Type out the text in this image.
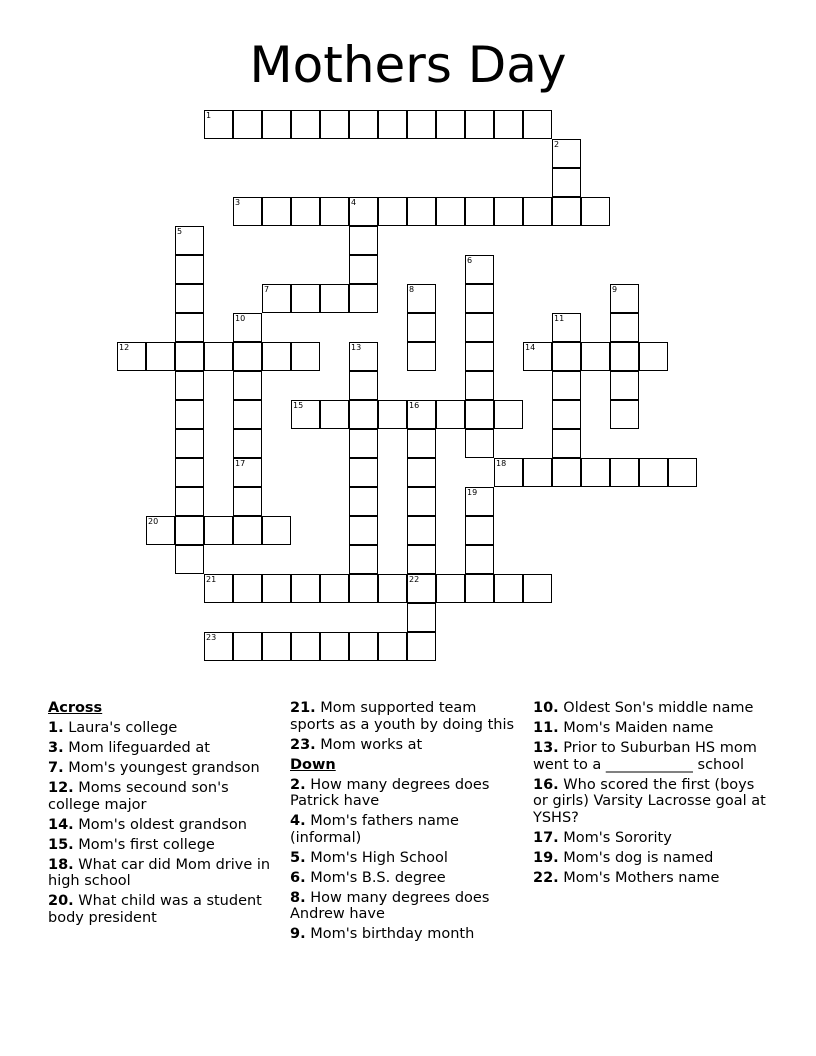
Mothers Day
1
2
3	4
5
6
7	8	9
10	11
12	13	14
15	16
17	18
19
20
21	22
23
Across
1. Laura's college
3. Mom lifeguarded at
7. Mom's youngest grandson
12. Moms secound son's college major
14. Mom's oldest grandson
15. Mom's first college
18. What car did Mom drive in high school
20. What child was a student body president
21. Mom supported team sports as a youth by doing this
23. Mom works at
Down
2. How many degrees does Patrick have
4. Mom's fathers name (informal)
5. Mom's High School
6. Mom's B.S. degree
8. How many degrees does Andrew have
9. Mom's birthday month
10. Oldest Son's middle name
11. Mom's Maiden name
13. Prior to Suburban HS mom went to a ____________ school
16. Who scored the first (boys or girls) Varsity Lacrosse goal at YSHS?
17. Mom's Sorority
19. Mom's dog is named
22. Mom's Mothers name
